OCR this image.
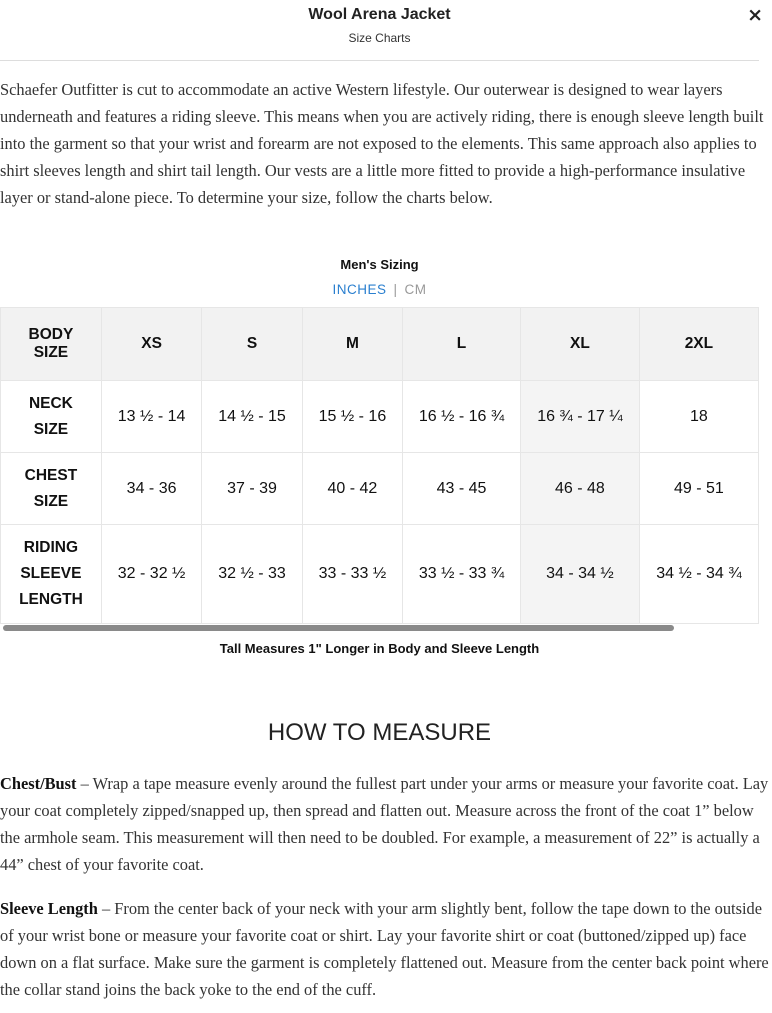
Wool Arena Jacket
Size Charts
×

Schaefer Outfitter is cut to accommodate an active Western lifestyle. Our outerwear is designed to wear layers underneath and features a riding sleeve. This means when you are actively riding, there is enough sleeve length built into the garment so that your wrist and forearm are not exposed to the elements. This same approach also applies to shirt sleeves length and shirt tail length. Our vests are a little more fitted to provide a high-performance insulative layer or stand-alone piece. To determine your size, follow the charts below.

Men's Sizing
INCHES | CM
BODY
SIZE	XS	S	M	L	XL	2XL

NECK
SIZE	13 ½ - 14	14 ½ - 15	15 ½ - 16	16 ½ - 16 ¾	16 ¾ - 17 ¼	18

CHEST
SIZE	34 - 36	37 - 39	40 - 42	43 - 45	46 - 48	49 - 51

RIDING
SLEEVE
LENGTH	32 - 32 ½	32 ½ - 33	33 - 33 ½	33 ½ - 33 ¾	34 - 34 ½	34 ½ - 34 ¾
Tall Measures 1" Longer in Body and Sleeve Length
HOW TO MEASURE

Chest/Bust – Wrap a tape measure evenly around the fullest part under your arms or measure your favorite coat. Lay your coat completely zipped/snapped up, then spread and flatten out. Measure across the front of the coat 1” below the armhole seam. This measurement will then need to be doubled. For example, a measurement of 22” is actually a 44” chest of your favorite coat.

Sleeve Length – From the center back of your neck with your arm slightly bent, follow the tape down to the outside of your wrist bone or measure your favorite coat or shirt. Lay your favorite shirt or coat (buttoned/zipped up) face down on a flat surface. Make sure the garment is completely flattened out. Measure from the center back point where the collar stand joins the back yoke to the end of the cuff.
